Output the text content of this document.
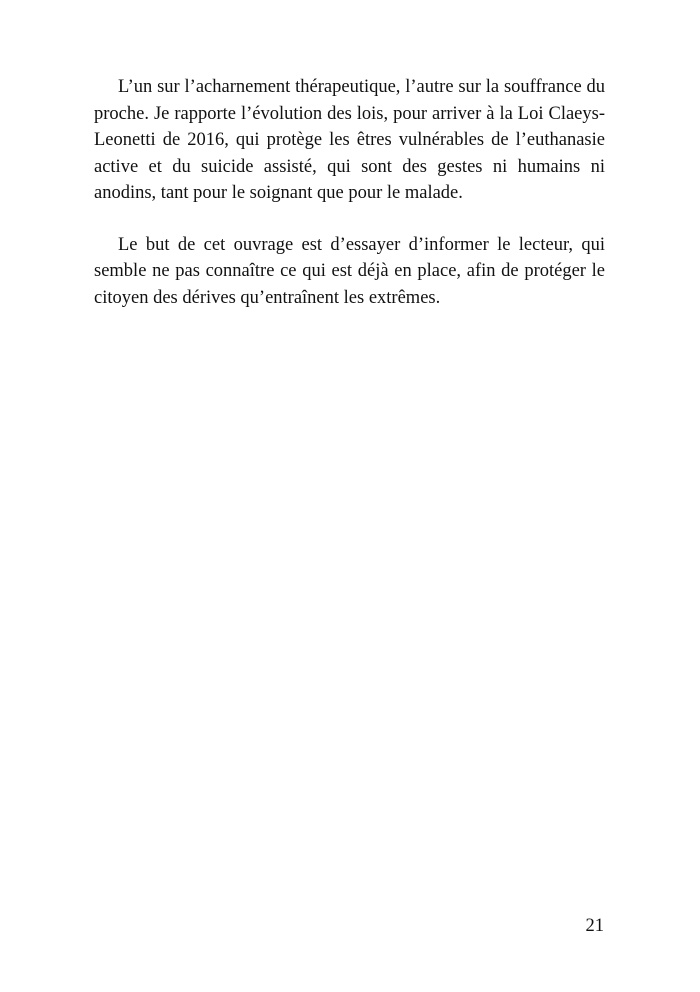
L’un sur l’acharnement thérapeutique, l’autre sur la souffrance du proche. Je rapporte l’évolution des lois, pour arriver à la Loi Claeys-Leonetti de 2016, qui protège les êtres vulnérables de l’euthanasie active et du suicide assisté, qui sont des gestes ni humains ni anodins, tant pour le soignant que pour le malade.

Le but de cet ouvrage est d’essayer d’informer le lecteur, qui semble ne pas connaître ce qui est déjà en place, afin de protéger le citoyen des dérives qu’entraînent les extrêmes.

21
